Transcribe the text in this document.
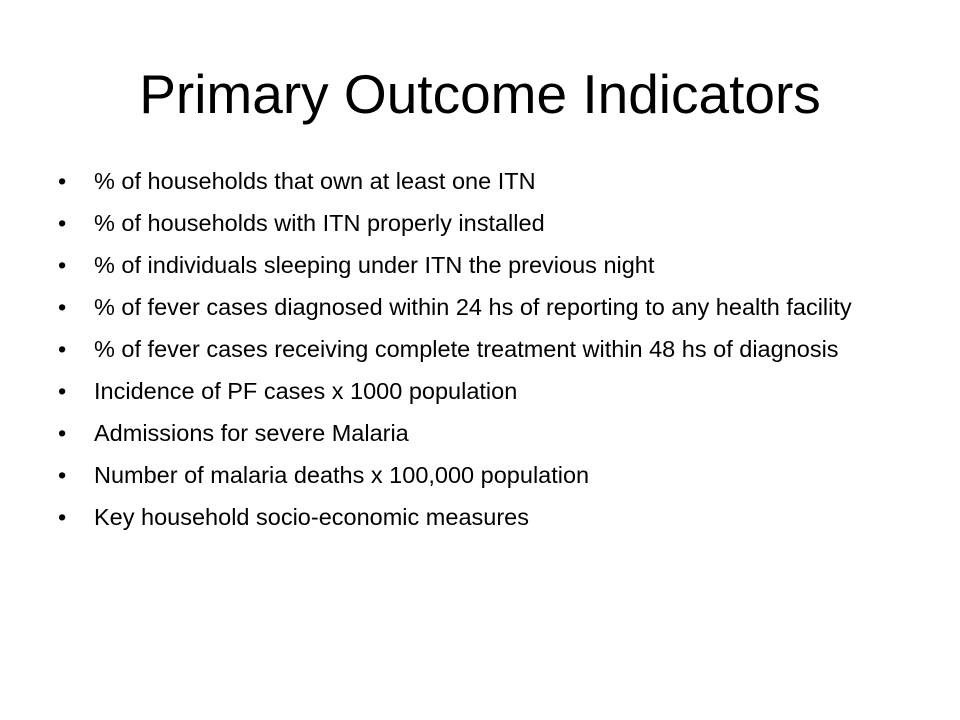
Primary Outcome Indicators
•	% of households that own at least one ITN
•	% of households with ITN properly installed
•	% of individuals sleeping under ITN the previous night
•	% of fever cases diagnosed within 24 hs of reporting to any health facility
•	% of fever cases receiving complete treatment within 48 hs of diagnosis
•	Incidence of PF cases x 1000 population
•	Admissions for severe Malaria
•	Number of malaria deaths x 100,000 population
•	Key household socio-economic measures
